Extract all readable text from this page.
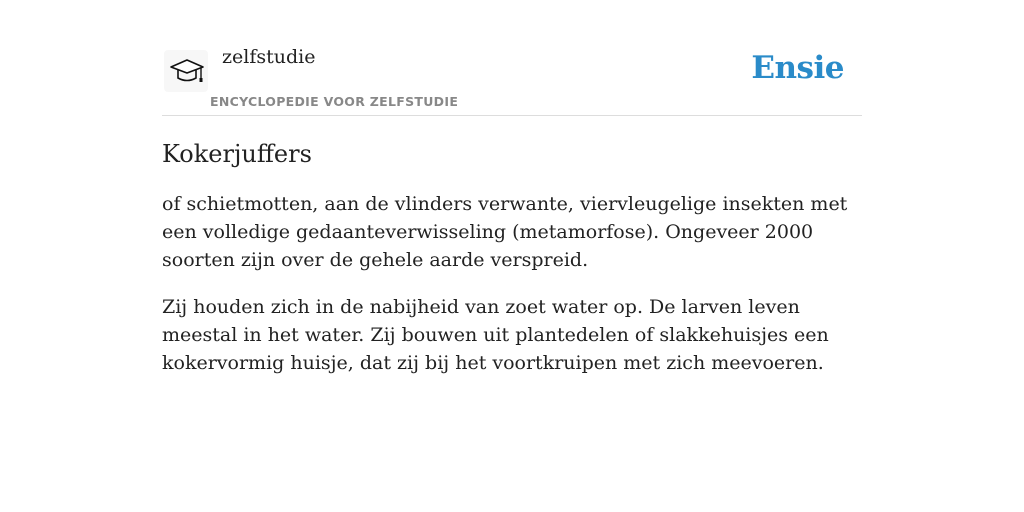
zelfstudie
ENCYCLOPEDIE VOOR ZELFSTUDIE
Ensie
Kokerjuffers

of schietmotten, aan de vlinders verwante, viervleugelige insekten met een volledige gedaanteverwisseling (metamorfose). Ongeveer 2000 soorten zijn over de gehele aarde verspreid.

Zij houden zich in de nabijheid van zoet water op. De larven leven meestal in het water. Zij bouwen uit plantedelen of slakkehuisjes een kokervormig huisje, dat zij bij het voortkruipen met zich meevoeren.
